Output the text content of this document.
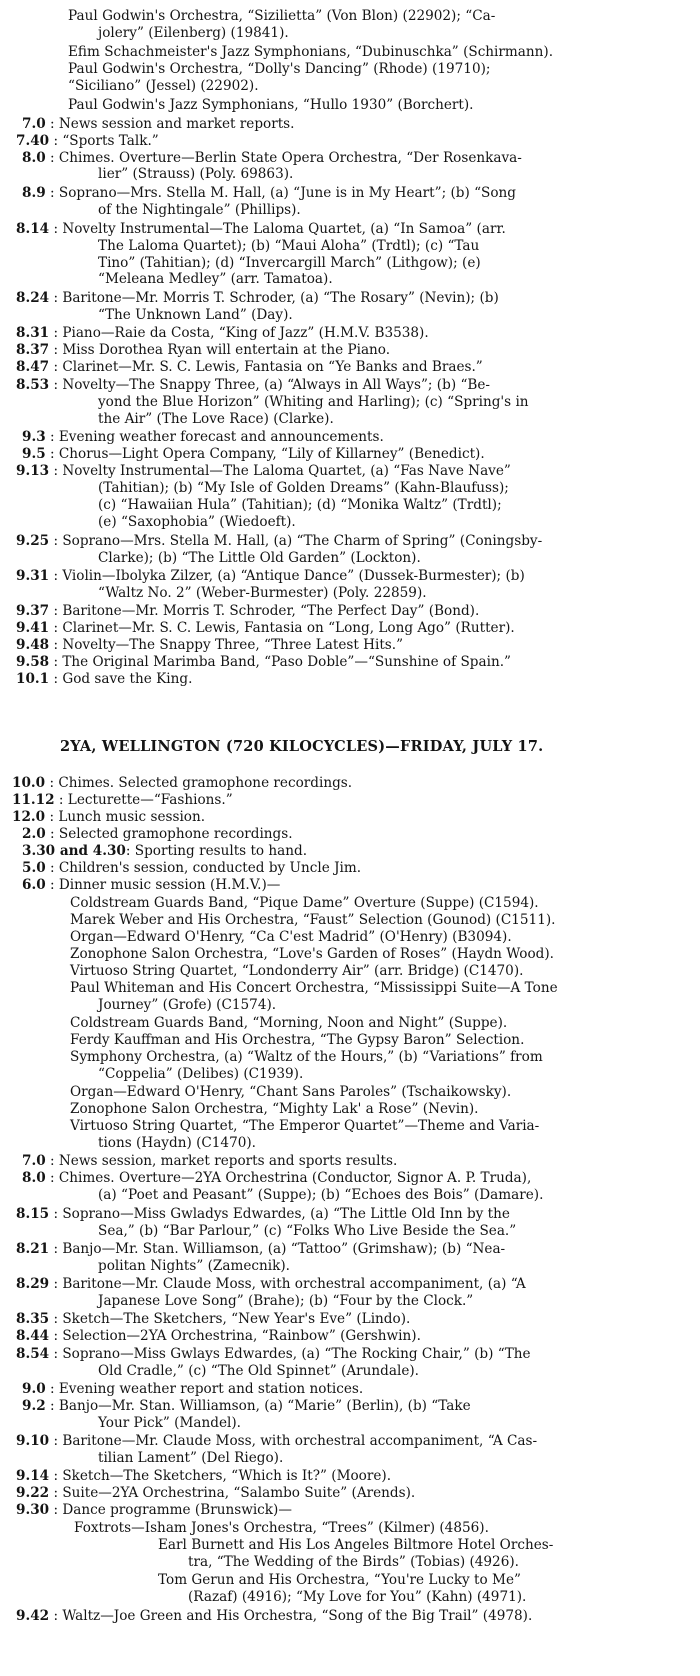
Paul Godwin's Orchestra, “Sizilietta” (Von Blon) (22902); “Ca-
jolery” (Eilenberg) (19841).
Efim Schachmeister's Jazz Symphonians, “Dubinuschka” (Schirmann).
Paul Godwin's Orchestra, “Dolly's Dancing” (Rhode) (19710);
“Siciliano” (Jessel) (22902).
Paul Godwin's Jazz Symphonians, “Hullo 1930” (Borchert).
7.0 : News session and market reports.
7.40 : “Sports Talk.”
8.0 : Chimes. Overture—Berlin State Opera Orchestra, “Der Rosenkava-
lier” (Strauss) (Poly. 69863).
8.9 : Soprano—Mrs. Stella M. Hall, (a) “June is in My Heart”; (b) “Song
of the Nightingale” (Phillips).
8.14 : Novelty Instrumental—The Laloma Quartet, (a) “In Samoa” (arr.
The Laloma Quartet); (b) “Maui Aloha” (Trdtl); (c) “Tau
Tino” (Tahitian); (d) “Invercargill March” (Lithgow); (e)
“Meleana Medley” (arr. Tamatoa).
8.24 : Baritone—Mr. Morris T. Schroder, (a) “The Rosary” (Nevin); (b)
“The Unknown Land” (Day).
8.31 : Piano—Raie da Costa, “King of Jazz” (H.M.V. B3538).
8.37 : Miss Dorothea Ryan will entertain at the Piano.
8.47 : Clarinet—Mr. S. C. Lewis, Fantasia on “Ye Banks and Braes.”
8.53 : Novelty—The Snappy Three, (a) “Always in All Ways”; (b) “Be-
yond the Blue Horizon” (Whiting and Harling); (c) “Spring's in
the Air” (The Love Race) (Clarke).
9.3 : Evening weather forecast and announcements.
9.5 : Chorus—Light Opera Company, “Lily of Killarney” (Benedict).
9.13 : Novelty Instrumental—The Laloma Quartet, (a) “Fas Nave Nave”
(Tahitian); (b) “My Isle of Golden Dreams” (Kahn-Blaufuss);
(c) “Hawaiian Hula” (Tahitian); (d) “Monika Waltz” (Trdtl);
(e) “Saxophobia” (Wiedoeft).
9.25 : Soprano—Mrs. Stella M. Hall, (a) “The Charm of Spring” (Coningsby-
Clarke); (b) “The Little Old Garden” (Lockton).
9.31 : Violin—Ibolyka Zilzer, (a) “Antique Dance” (Dussek-Burmester); (b)
“Waltz No. 2” (Weber-Burmester) (Poly. 22859).
9.37 : Baritone—Mr. Morris T. Schroder, “The Perfect Day” (Bond).
9.41 : Clarinet—Mr. S. C. Lewis, Fantasia on “Long, Long Ago” (Rutter).
9.48 : Novelty—The Snappy Three, “Three Latest Hits.”
9.58 : The Original Marimba Band, “Paso Doble”—“Sunshine of Spain.”
10.1 : God save the King.
2YA, WELLINGTON (720 KILOCYCLES)—FRIDAY, JULY 17.
10.0 : Chimes. Selected gramophone recordings.
11.12 : Lecturette—“Fashions.”
12.0 : Lunch music session.
2.0 : Selected gramophone recordings.
3.30 and 4.30: Sporting results to hand.
5.0 : Children's session, conducted by Uncle Jim.
6.0 : Dinner music session (H.M.V.)—
Coldstream Guards Band, “Pique Dame” Overture (Suppe) (C1594).
Marek Weber and His Orchestra, “Faust” Selection (Gounod) (C1511).
Organ—Edward O'Henry, “Ca C'est Madrid” (O'Henry) (B3094).
Zonophone Salon Orchestra, “Love's Garden of Roses” (Haydn Wood).
Virtuoso String Quartet, “Londonderry Air” (arr. Bridge) (C1470).
Paul Whiteman and His Concert Orchestra, “Mississippi Suite—A Tone
Journey” (Grofe) (C1574).
Coldstream Guards Band, “Morning, Noon and Night” (Suppe).
Ferdy Kauffman and His Orchestra, “The Gypsy Baron” Selection.
Symphony Orchestra, (a) “Waltz of the Hours,” (b) “Variations” from
“Coppelia” (Delibes) (C1939).
Organ—Edward O'Henry, “Chant Sans Paroles” (Tschaikowsky).
Zonophone Salon Orchestra, “Mighty Lak' a Rose” (Nevin).
Virtuoso String Quartet, “The Emperor Quartet”—Theme and Varia-
tions (Haydn) (C1470).
7.0 : News session, market reports and sports results.
8.0 : Chimes. Overture—2YA Orchestrina (Conductor, Signor A. P. Truda),
(a) “Poet and Peasant” (Suppe); (b) “Echoes des Bois” (Damare).
8.15 : Soprano—Miss Gwladys Edwardes, (a) “The Little Old Inn by the
Sea,” (b) “Bar Parlour,” (c) “Folks Who Live Beside the Sea.”
8.21 : Banjo—Mr. Stan. Williamson, (a) “Tattoo” (Grimshaw); (b) “Nea-
politan Nights” (Zamecnik).
8.29 : Baritone—Mr. Claude Moss, with orchestral accompaniment, (a) “A
Japanese Love Song” (Brahe); (b) “Four by the Clock.”
8.35 : Sketch—The Sketchers, “New Year's Eve” (Lindo).
8.44 : Selection—2YA Orchestrina, “Rainbow” (Gershwin).
8.54 : Soprano—Miss Gwlays Edwardes, (a) “The Rocking Chair,” (b) “The
Old Cradle,” (c) “The Old Spinnet” (Arundale).
9.0 : Evening weather report and station notices.
9.2 : Banjo—Mr. Stan. Williamson, (a) “Marie” (Berlin), (b) “Take
Your Pick” (Mandel).
9.10 : Baritone—Mr. Claude Moss, with orchestral accompaniment, “A Cas-
tilian Lament” (Del Riego).
9.14 : Sketch—The Sketchers, “Which is It?” (Moore).
9.22 : Suite—2YA Orchestrina, “Salambo Suite” (Arends).
9.30 : Dance programme (Brunswick)—
Foxtrots—Isham Jones's Orchestra, “Trees” (Kilmer) (4856).
Earl Burnett and His Los Angeles Biltmore Hotel Orches-
tra, “The Wedding of the Birds” (Tobias) (4926).
Tom Gerun and His Orchestra, “You're Lucky to Me”
(Razaf) (4916); “My Love for You” (Kahn) (4971).
9.42 : Waltz—Joe Green and His Orchestra, “Song of the Big Trail” (4978).
